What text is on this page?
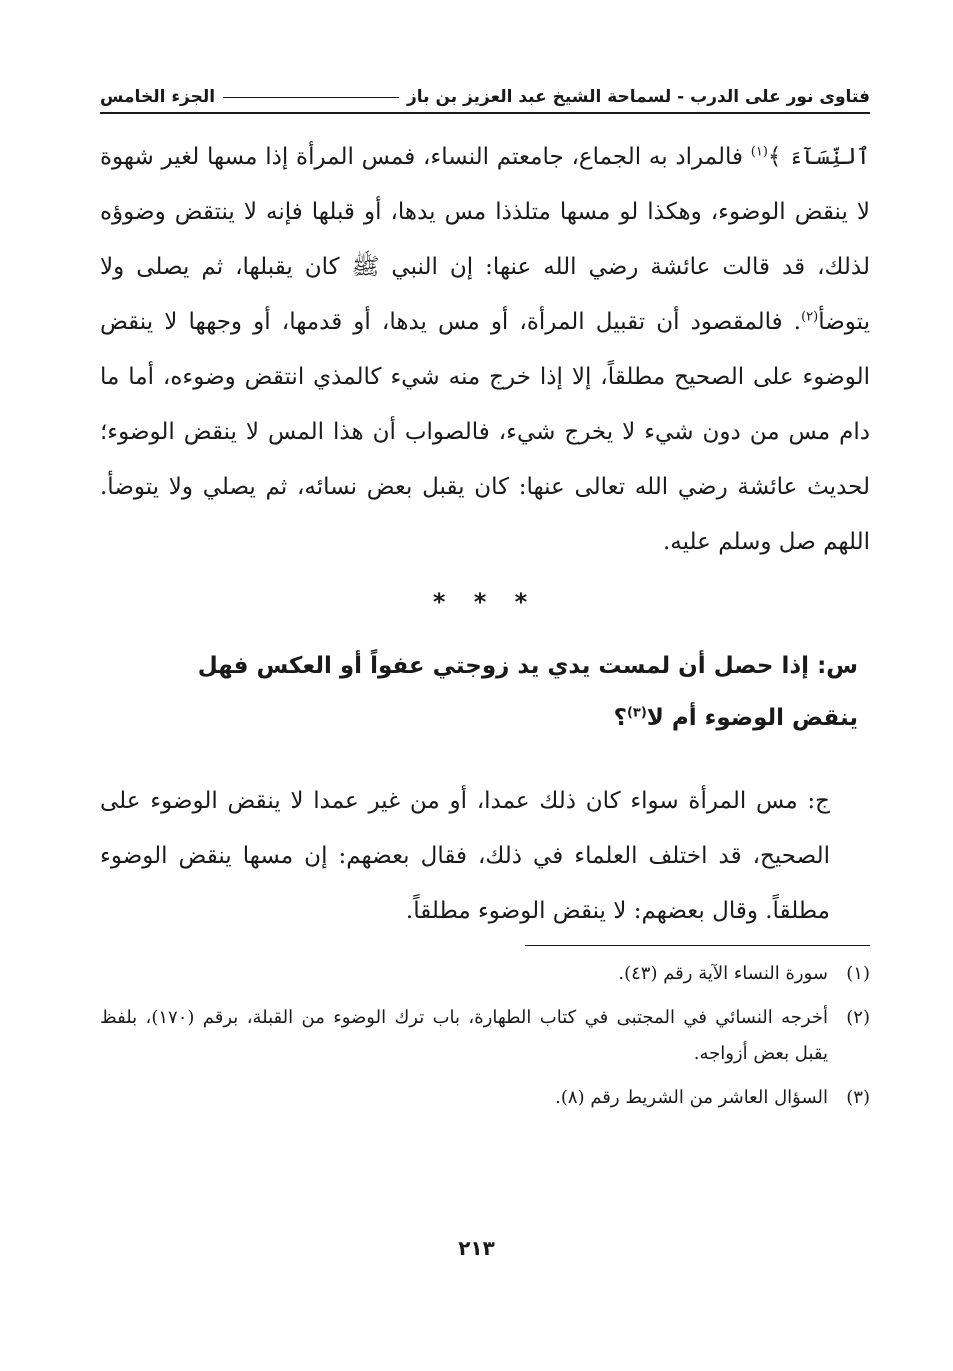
فتاوى نور على الدرب - لسماحة الشيخ عبد العزيز بن باز
الجزء الخامس

ٱلنِّسَآءَ ﴾$^{(١)}$ فالمراد به الجماع، جامعتم النساء، فمس المرأة إذا مسها لغير شهوة لا ينقض الوضوء، وهكذا لو مسها متلذذا مس يدها، أو قبلها فإنه لا ينتقض وضوؤه لذلك، قد قالت عائشة رضي الله عنها: إن النبي ﷺ كان يقبلها، ثم يصلى ولا يتوضأ$^{(٢)}$. فالمقصود أن تقبيل المرأة، أو مس يدها، أو قدمها، أو وجهها لا ينقض الوضوء على الصحيح مطلقاً، إلا إذا خرج منه شيء كالمذي انتقض وضوءه، أما ما دام مس من دون شيء لا يخرج شيء، فالصواب أن هذا المس لا ينقض الوضوء؛ لحديث عائشة رضي الله تعالى عنها: كان يقبل بعض نسائه، ثم يصلي ولا يتوضأ. اللهم صل وسلم عليه.

* * *
س: إذا حصل أن لمست يدي يد زوجتي عفواً أو العكس فهل ينقض الوضوء أم لا$^{(٣)}$؟

ج: مس المرأة سواء كان ذلك عمدا، أو من غير عمدا لا ينقض الوضوء على الصحيح، قد اختلف العلماء في ذلك، فقال بعضهم: إن مسها ينقض الوضوء مطلقاً. وقال بعضهم: لا ينقض الوضوء مطلقاً.

(١)
سورة النساء الآية رقم (٤٣).
(٢)
أخرجه النسائي في المجتبى في كتاب الطهارة، باب ترك الوضوء من القبلة، برقم (١٧٠)، بلفظ يقبل بعض أزواجه.
(٣)
السؤال العاشر من الشريط رقم (٨).
٢١٣
